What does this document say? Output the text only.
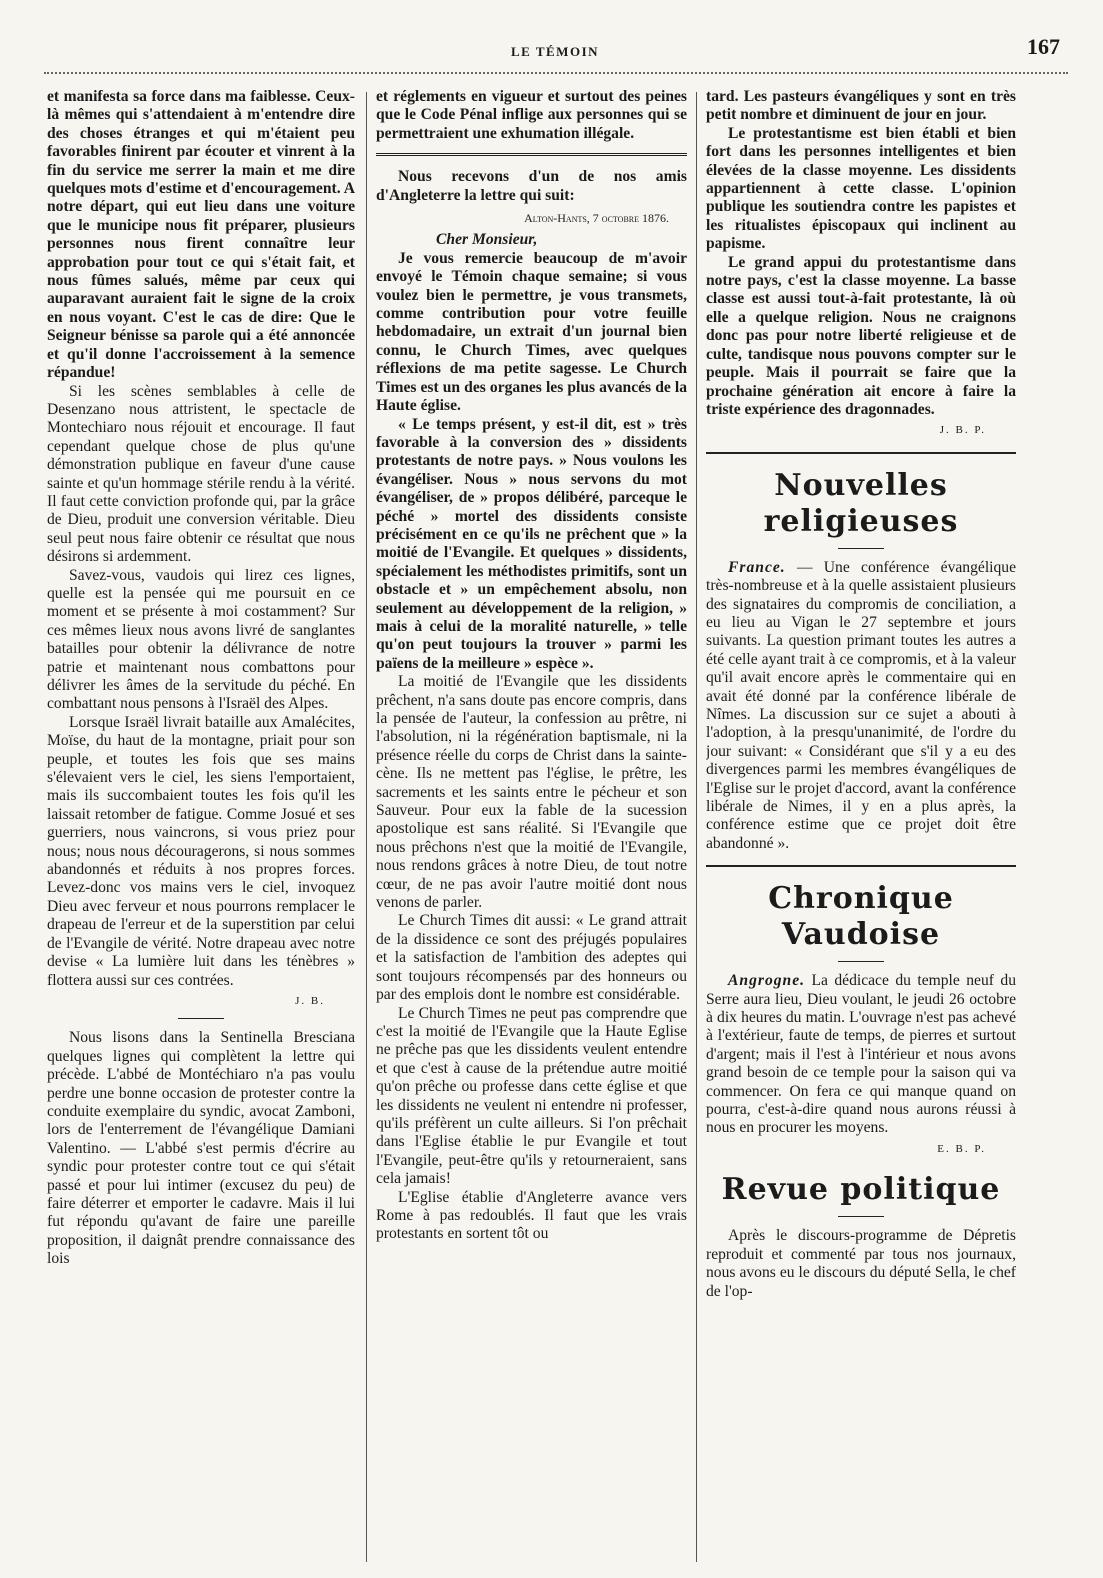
LE TÉMOIN	167

et manifesta sa force dans ma faiblesse. Ceux-là mêmes qui s'attendaient à m'entendre dire des choses étranges et qui m'étaient peu favorables finirent par écouter et vinrent à la fin du service me serrer la main et me dire quelques mots d'estime et d'encouragement. A notre départ, qui eut lieu dans une voiture que le municipe nous fit préparer, plusieurs personnes nous firent connaître leur approbation pour tout ce qui s'était fait, et nous fûmes salués, même par ceux qui auparavant auraient fait le signe de la croix en nous voyant. C'est le cas de dire: Que le Seigneur bénisse sa parole qui a été annoncée et qu'il donne l'accroissement à la semence répandue!

Si les scènes semblables à celle de Desenzano nous attristent, le spectacle de Montechiaro nous réjouit et encourage. Il faut cependant quelque chose de plus qu'une démonstration publique en faveur d'une cause sainte et qu'un hommage stérile rendu à la vérité. Il faut cette conviction profonde qui, par la grâce de Dieu, produit une conversion véritable. Dieu seul peut nous faire obtenir ce résultat que nous désirons si ardemment.

Savez-vous, vaudois qui lirez ces lignes, quelle est la pensée qui me poursuit en ce moment et se présente à moi costamment? Sur ces mêmes lieux nous avons livré de sanglantes batailles pour obtenir la délivrance de notre patrie et maintenant nous combattons pour délivrer les âmes de la servitude du péché. En combattant nous pensons à l'Israël des Alpes.

Lorsque Israël livrait bataille aux Amalécites, Moïse, du haut de la montagne, priait pour son peuple, et toutes les fois que ses mains s'élevaient vers le ciel, les siens l'emportaient, mais ils succombaient toutes les fois qu'il les laissait retomber de fatigue. Comme Josué et ses guerriers, nous vaincrons, si vous priez pour nous; nous nous découragerons, si nous sommes abandonnés et réduits à nos propres forces. Levez-donc vos mains vers le ciel, invoquez Dieu avec ferveur et nous pourrons remplacer le drapeau de l'erreur et de la superstition par celui de l'Evangile de vérité. Notre drapeau avec notre devise « La lumière luit dans les ténèbres » flottera aussi sur ces contrées.

J. B.

Nous lisons dans la Sentinella Bresciana quelques lignes qui complètent la lettre qui précède. L'abbé de Montéchiaro n'a pas voulu perdre une bonne occasion de protester contre la conduite exemplaire du syndic, avocat Zamboni, lors de l'enterrement de l'évangélique Damiani Valentino. — L'abbé s'est permis d'écrire au syndic pour protester contre tout ce qui s'était passé et pour lui intimer (excusez du peu) de faire déterrer et emporter le cadavre. Mais il lui fut répondu qu'avant de faire une pareille proposition, il daignât prendre connaissance des lois

et réglements en vigueur et surtout des peines que le Code Pénal inflige aux personnes qui se permettraient une exhumation illégale.

Nous recevons d'un de nos amis d'Angleterre la lettre qui suit:

Alton-Hants, 7 octobre 1876.
Cher Monsieur,

Je vous remercie beaucoup de m'avoir envoyé le Témoin chaque semaine; si vous voulez bien le permettre, je vous transmets, comme contribution pour votre feuille hebdomadaire, un extrait d'un journal bien connu, le Church Times, avec quelques réflexions de ma petite sagesse. Le Church Times est un des organes les plus avancés de la Haute église.

« Le temps présent, y est-il dit, est » très favorable à la conversion des » dissidents protestants de notre pays. » Nous voulons les évangéliser. Nous » nous servons du mot évangéliser, de » propos délibéré, parceque le péché » mortel des dissidents consiste précisément en ce qu'ils ne prêchent que » la moitié de l'Evangile. Et quelques » dissidents, spécialement les méthodistes primitifs, sont un obstacle et » un empêchement absolu, non seulement au développement de la religion, » mais à celui de la moralité naturelle, » telle qu'on peut toujours la trouver » parmi les païens de la meilleure » espèce ».

La moitié de l'Evangile que les dissidents prêchent, n'a sans doute pas encore compris, dans la pensée de l'auteur, la confession au prêtre, ni l'absolution, ni la régénération baptismale, ni la présence réelle du corps de Christ dans la sainte-cène. Ils ne mettent pas l'église, le prêtre, les sacrements et les saints entre le pécheur et son Sauveur. Pour eux la fable de la sucession apostolique est sans réalité. Si l'Evangile que nous prêchons n'est que la moitié de l'Evangile, nous rendons grâces à notre Dieu, de tout notre cœur, de ne pas avoir l'autre moitié dont nous venons de parler.

Le Church Times dit aussi: « Le grand attrait de la dissidence ce sont des préjugés populaires et la satisfaction de l'ambition des adeptes qui sont toujours récompensés par des honneurs ou par des emplois dont le nombre est considérable.

Le Church Times ne peut pas comprendre que c'est la moitié de l'Evangile que la Haute Eglise ne prêche pas que les dissidents veulent entendre et que c'est à cause de la prétendue autre moitié qu'on prêche ou professe dans cette église et que les dissidents ne veulent ni entendre ni professer, qu'ils préfèrent un culte ailleurs. Si l'on prêchait dans l'Eglise établie le pur Evangile et tout l'Evangile, peut-être qu'ils y retourneraient, sans cela jamais!

L'Eglise établie d'Angleterre avance vers Rome à pas redoublés. Il faut que les vrais protestants en sortent tôt ou

tard. Les pasteurs évangéliques y sont en très petit nombre et diminuent de jour en jour.

Le protestantisme est bien établi et bien fort dans les personnes intelligentes et bien élevées de la classe moyenne. Les dissidents appartiennent à cette classe. L'opinion publique les soutiendra contre les papistes et les ritualistes épiscopaux qui inclinent au papisme.

Le grand appui du protestantisme dans notre pays, c'est la classe moyenne. La basse classe est aussi tout-à-fait protestante, là où elle a quelque religion. Nous ne craignons donc pas pour notre liberté religieuse et de culte, tandisque nous pouvons compter sur le peuple. Mais il pourrait se faire que la prochaine génération ait encore à faire la triste expérience des dragonnades.

J. B. P.
Nouvelles religieuses

France. — Une conférence évangélique très-nombreuse et à la quelle assistaient plusieurs des signataires du compromis de conciliation, a eu lieu au Vigan le 27 septembre et jours suivants. La question primant toutes les autres a été celle ayant trait à ce compromis, et à la valeur qu'il avait encore après le commentaire qui en avait été donné par la conférence libérale de Nîmes. La discussion sur ce sujet a abouti à l'adoption, à la presqu'unanimité, de l'ordre du jour suivant: « Considérant que s'il y a eu des divergences parmi les membres évangéliques de l'Eglise sur le projet d'accord, avant la conférence libérale de Nimes, il y en a plus après, la conférence estime que ce projet doit être abandonné ».

Chronique Vaudoise

Angrogne. La dédicace du temple neuf du Serre aura lieu, Dieu voulant, le jeudi 26 octobre à dix heures du matin. L'ouvrage n'est pas achevé à l'extérieur, faute de temps, de pierres et surtout d'argent; mais il l'est à l'intérieur et nous avons grand besoin de ce temple pour la saison qui va commencer. On fera ce qui manque quand on pourra, c'est-à-dire quand nous aurons réussi à nous en procurer les moyens.

E. B. P.
Revue politique

Après le discours-programme de Dépretis reproduit et commenté par tous nos journaux, nous avons eu le discours du député Sella, le chef de l'op-
